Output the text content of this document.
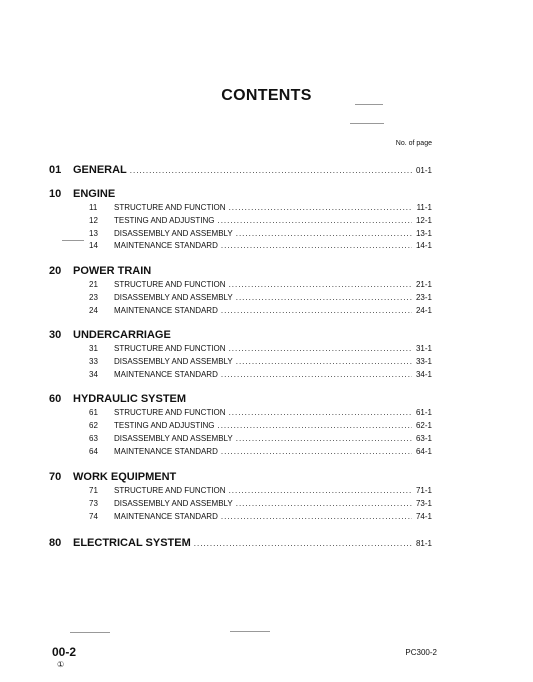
CONTENTS
No. of page
01	GENERAL .....	01-1
10 ENGINE
11	STRUCTURE AND FUNCTION .....	11-1
12	TESTING AND ADJUSTING .....	12-1
13	DISASSEMBLY AND ASSEMBLY .....	13-1
14	MAINTENANCE STANDARD .....	14-1
20 POWER TRAIN
21	STRUCTURE AND FUNCTION .....	21-1
23	DISASSEMBLY AND ASSEMBLY .....	23-1
24	MAINTENANCE STANDARD .....	24-1
30 UNDERCARRIAGE
31	STRUCTURE AND FUNCTION .....	31-1
33	DISASSEMBLY AND ASSEMBLY .....	33-1
34	MAINTENANCE STANDARD .....	34-1
60 HYDRAULIC SYSTEM
61	STRUCTURE AND FUNCTION .....	61-1
62	TESTING AND ADJUSTING .....	62-1
63	DISASSEMBLY AND ASSEMBLY .....	63-1
64	MAINTENANCE STANDARD .....	64-1
70 WORK EQUIPMENT
71	STRUCTURE AND FUNCTION .....	71-1
73	DISASSEMBLY AND ASSEMBLY .....	73-1
74	MAINTENANCE STANDARD .....	74-1
80	ELECTRICAL SYSTEM .....	81-1
00-2
①
PC300-2
